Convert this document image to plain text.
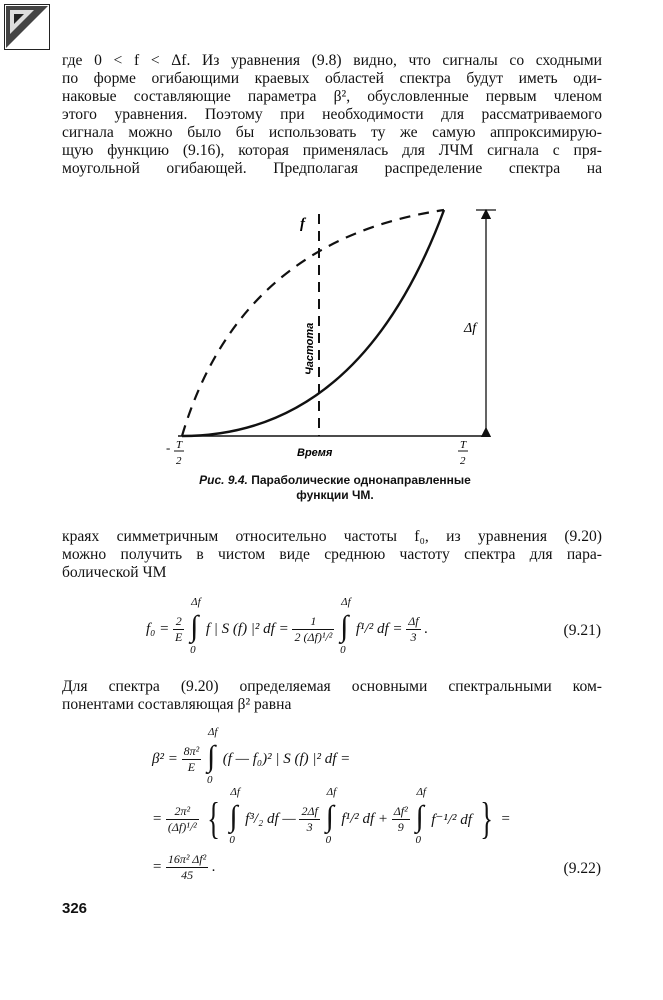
где 0 < f < Δf. Из уравнения (9.8) видно, что сигналы со сходными
по форме огибающими краевых областей спектра будут иметь оди-
наковые составляющие параметра β², обусловленные первым членом
этого уравнения. Поэтому при необходимости для рассматриваемого
сигнала можно было бы использовать ту же самую аппроксимирую-
щую функцию (9.16), которая применялась для ЛЧМ сигнала с пря-
моугольной огибающей. Предполагая распределение спектра на
f
Δf
Частота
Время
- T
2
T
2
Рис. 9.4. Параболические однонаправленные
функции ЧМ.
краях симметричным относительно частоты f₀, из уравнения (9.20)
можно получить в чистом виде среднюю частоту спектра для пара-
болической ЧМ
$f_0 = \frac{2}{E}$

Δf
∫
0
f | S (f) |² df = $\frac{1}{\text{2 (Δf)¹/²}}$

Δf
∫
0
f¹/² df = $\frac{\Delta f}{3}$ .	(9.21)
Для спектра (9.20) определяемая основными спектральными ком-
понентами составляющая β² равна
$\beta^2 = \frac{\text{8π²}}{E}$

Δf
∫
0
(f — f₀)² | S (f) |² df =
= $\frac{\text{2π²}}{\text{(Δf)¹/²}}$ {
Δf
∫
0
f³/₂ df — $\frac{2\Delta f}{3}$

Δf
∫
0
f¹/² df + $\frac{\text{Δf²}}{9}$

Δf
∫
0
f⁻¹/² df } =
= $\frac{\text{16π² Δf²}}{45}$ .	(9.22)
326
